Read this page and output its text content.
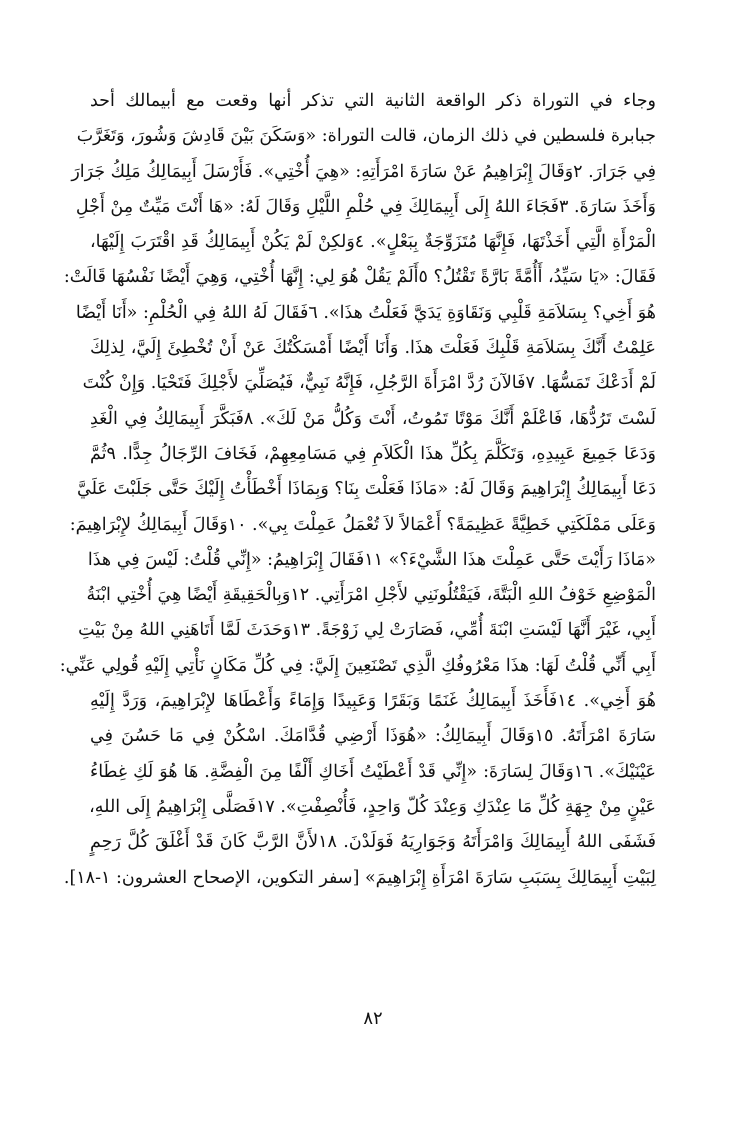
وجاء في التوراة ذكر الواقعة الثانية التي تذكر أنها وقعت مع أبيمالك أحد
جبابرة فلسطين في ذلك الزمان، قالت التوراة: «وَسَكَنَ بَيْنَ قَادِشَ وَشُورَ، وَتَغَرَّبَ
فِي جَرَارَ. ٢وَقَالَ إِبْرَاهِيمُ عَنْ سَارَةَ امْرَأَتِهِ: «هِيَ أُخْتِي». فَأَرْسَلَ أَبِيمَالِكُ مَلِكُ جَرَارَ
وَأَخَذَ سَارَةَ. ٣فَجَاءَ اللهُ إِلَى أَبِيمَالِكَ فِي حُلْمِ اللَّيْلِ وَقَالَ لَهُ: «هَا أَنْتَ مَيِّتٌ مِنْ أَجْلِ
الْمَرْأَةِ الَّتِي أَخَذْتَهَا، فَإِنَّهَا مُتَزَوِّجَةٌ بِبَعْلٍ». ٤وَلكِنْ لَمْ يَكُنْ أَبِيمَالِكُ قَدِ اقْتَرَبَ إِلَيْهَا،
فَقَالَ: «يَا سَيِّدُ، أَأُمَّةً بَارَّةً تَقْتُلُ؟ ٥أَلَمْ يَقُلْ هُوَ لِي: إِنَّهَا أُخْتِي، وَهِيَ أَيْضًا نَفْسُهَا قَالَتْ:
هُوَ أَخِي؟ بِسَلاَمَةِ قَلْبِي وَنَقَاوَةِ يَدَيَّ فَعَلْتُ هذَا». ٦فَقَالَ لَهُ اللهُ فِي الْحُلْمِ: «أَنَا أَيْضًا
عَلِمْتُ أَنَّكَ بِسَلاَمَةِ قَلْبِكَ فَعَلْتَ هذَا. وَأَنَا أَيْضًا أَمْسَكْتُكَ عَنْ أَنْ تُخْطِئَ إِلَيَّ، لِذلِكَ
لَمْ أَدَعْكَ تَمَسُّهَا. ٧فَالآنَ رُدَّ امْرَأَةَ الرَّجُلِ، فَإِنَّهُ نَبِيٌّ، فَيُصَلِّيَ لأَجْلِكَ فَتَحْيَا. وَإِنْ كُنْتَ
لَسْتَ تَرُدُّهَا، فَاعْلَمْ أَنَّكَ مَوْتًا تَمُوتُ، أَنْتَ وَكُلُّ مَنْ لَكَ». ٨فَبَكَّرَ أَبِيمَالِكُ فِي الْغَدِ
وَدَعَا جَمِيعَ عَبِيدِهِ، وَتَكَلَّمَ بِكُلِّ هذَا الْكَلاَمِ فِي مَسَامِعِهِمْ، فَخَافَ الرِّجَالُ جِدًّا. ٩ثُمَّ
دَعَا أَبِيمَالِكُ إِبْرَاهِيمَ وَقَالَ لَهُ: «مَاذَا فَعَلْتَ بِنَا؟ وَبِمَاذَا أَخْطَأْتُ إِلَيْكَ حَتَّى جَلَبْتَ عَلَيَّ
وَعَلَى مَمْلَكَتِي خَطِيَّةً عَظِيمَةً؟ أَعْمَالاً لاَ تُعْمَلُ عَمِلْتَ بِي». ١٠وَقَالَ أَبِيمَالِكُ لإِبْرَاهِيمَ:
«مَاذَا رَأَيْتَ حَتَّى عَمِلْتَ هذَا الشَّيْءَ؟» ١١فَقَالَ إِبْرَاهِيمُ: «إِنِّي قُلْتُ: لَيْسَ فِي هذَا
الْمَوْضِعِ خَوْفُ اللهِ الْبَتَّةَ، فَيَقْتُلُونَنِي لأَجْلِ امْرَأَتِي. ١٢وَبِالْحَقِيقَةِ أَيْضًا هِيَ أُخْتِي ابْنَةُ
أَبِي، غَيْرَ أَنَّهَا لَيْسَتِ ابْنَةَ أُمِّي، فَصَارَتْ لِي زَوْجَةً. ١٣وَحَدَثَ لَمَّا أَتَاهَنِي اللهُ مِنْ بَيْتِ
أَبِي أَنِّي قُلْتُ لَهَا: هذَا مَعْرُوفُكِ الَّذِي تَصْنَعِينَ إِلَيَّ: فِي كُلِّ مَكَانٍ نَأْتِي إِلَيْهِ قُولِي عَنِّي:
هُوَ أَخِي». ١٤فَأَخَذَ أَبِيمَالِكُ غَنَمًا وَبَقَرًا وَعَبِيدًا وَإِمَاءً وَأَعْطَاهَا لإِبْرَاهِيمَ، وَرَدَّ إِلَيْهِ
سَارَةَ امْرَأَتَهُ. ١٥وَقَالَ أَبِيمَالِكُ: «هُوَذَا أَرْضِي قُدَّامَكَ. اسْكُنْ فِي مَا حَسُنَ فِي
عَيْنَيْكَ». ١٦وَقَالَ لِسَارَةَ: «إِنِّي قَدْ أَعْطَيْتُ أَخَاكِ أَلْفًا مِنَ الْفِضَّةِ. هَا هُوَ لَكِ غِطَاءُ
عَيْنٍ مِنْ جِهَةِ كُلِّ مَا عِنْدَكِ وَعِنْدَ كُلّ وَاحِدٍ، فَأُنْصِفْتِ». ١٧فَصَلَّى إِبْرَاهِيمُ إِلَى اللهِ،
فَشَفَى اللهُ أَبِيمَالِكَ وَامْرَأَتَهُ وَجَوَارِيَهُ فَوَلَدْنَ. ١٨لأَنَّ الرَّبَّ كَانَ قَدْ أَغْلَقَ كُلَّ رَحِمٍ
لِبَيْتِ أَبِيمَالِكَ بِسَبَبِ سَارَةَ امْرَأَةِ إِبْرَاهِيمَ» [سفر التكوين، الإصحاح العشرون: ١-١٨].
٨٢
